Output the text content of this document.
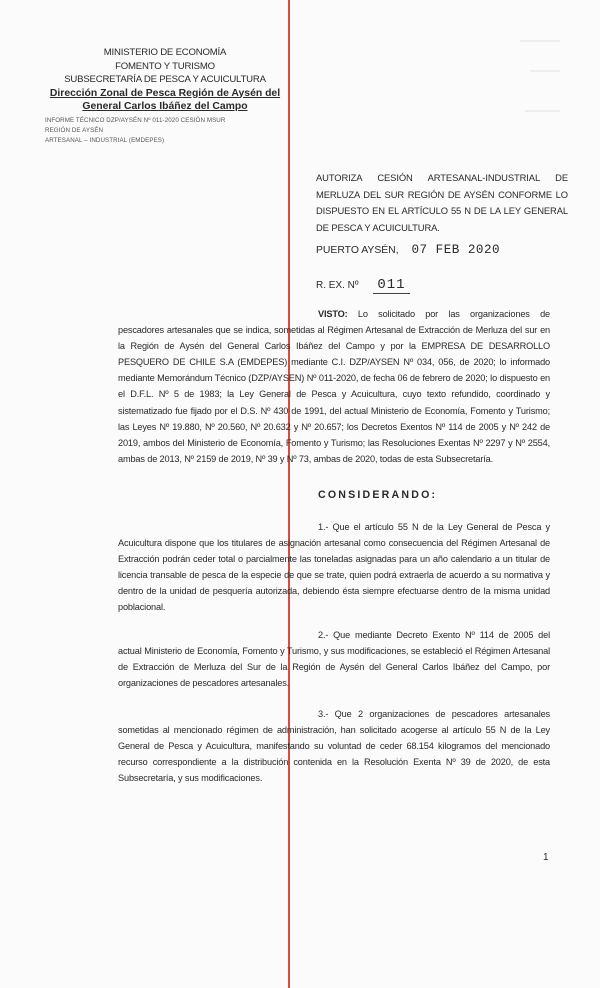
MINISTERIO DE ECONOMÍA
FOMENTO Y TURISMO
SUBSECRETARÍA DE PESCA Y ACUICULTURA
Dirección Zonal de Pesca Región de Aysén del
General Carlos Ibáñez del Campo
INFORME TÉCNICO DZP/AYSÉN Nº 011-2020 CESIÓN MSUR
REGIÓN DE AYSÉN
ARTESANAL – INDUSTRIAL (EMDEPES)
AUTORIZA CESIÓN ARTESANAL-INDUSTRIAL DE MERLUZA DEL SUR REGIÓN DE AYSÉN CONFORME LO DISPUESTO EN EL ARTÍCULO 55 N DE LA LEY GENERAL DE PESCA Y ACUICULTURA.
PUERTO AYSÉN, 07 FEB 2020
R. EX. Nº 011
VISTO: Lo solicitado por las organizaciones de pescadores artesanales que se indica, sometidas al Régimen Artesanal de Extracción de Merluza del sur en la Región de Aysén del General Carlos Ibáñez del Campo y por la EMPRESA DE DESARROLLO PESQUERO DE CHILE S.A (EMDEPES) mediante C.I. DZP/AYSEN Nº 034, 056, de 2020; lo informado mediante Memorándum Técnico (DZP/AYSEN) Nº 011-2020, de fecha 06 de febrero de 2020; lo dispuesto en el D.F.L. Nº 5 de 1983; la Ley General de Pesca y Acuicultura, cuyo texto refundido, coordinado y sistematizado fue fijado por el D.S. Nº 430 de 1991, del actual Ministerio de Economía, Fomento y Turismo; las Leyes Nº 19.880, Nº 20.560, Nº 20.632 y Nº 20.657; los Decretos Exentos Nº 114 de 2005 y Nº 242 de 2019, ambos del Ministerio de Economía, Fomento y Turismo; las Resoluciones Exentas Nº 2297 y Nº 2554, ambas de 2013, Nº 2159 de 2019, Nº 39 y Nº 73, ambas de 2020, todas de esta Subsecretaría.
CONSIDERANDO:
1.- Que el artículo 55 N de la Ley General de Pesca y Acuicultura dispone que los titulares de asignación artesanal como consecuencia del Régimen Artesanal de Extracción podrán ceder total o parcialmente las toneladas asignadas para un año calendario a un titular de licencia transable de pesca de la especie de que se trate, quien podrá extraerla de acuerdo a su normativa y dentro de la unidad de pesquería autorizada, debiendo ésta siempre efectuarse dentro de la misma unidad poblacional.
2.- Que mediante Decreto Exento Nº 114 de 2005 del actual Ministerio de Economía, Fomento y Turismo, y sus modificaciones, se estableció el Régimen Artesanal de Extracción de Merluza del Sur de la Región de Aysén del General Carlos Ibáñez del Campo, por organizaciones de pescadores artesanales.
3.- Que 2 organizaciones de pescadores artesanales sometidas al mencionado régimen de administración, han solicitado acogerse al artículo 55 N de la Ley General de Pesca y Acuicultura, manifestando su voluntad de ceder 68.154 kilogramos del mencionado recurso correspondiente a la distribución contenida en la Resolución Exenta Nº 39 de 2020, de esta Subsecretaría, y sus modificaciones.
1
